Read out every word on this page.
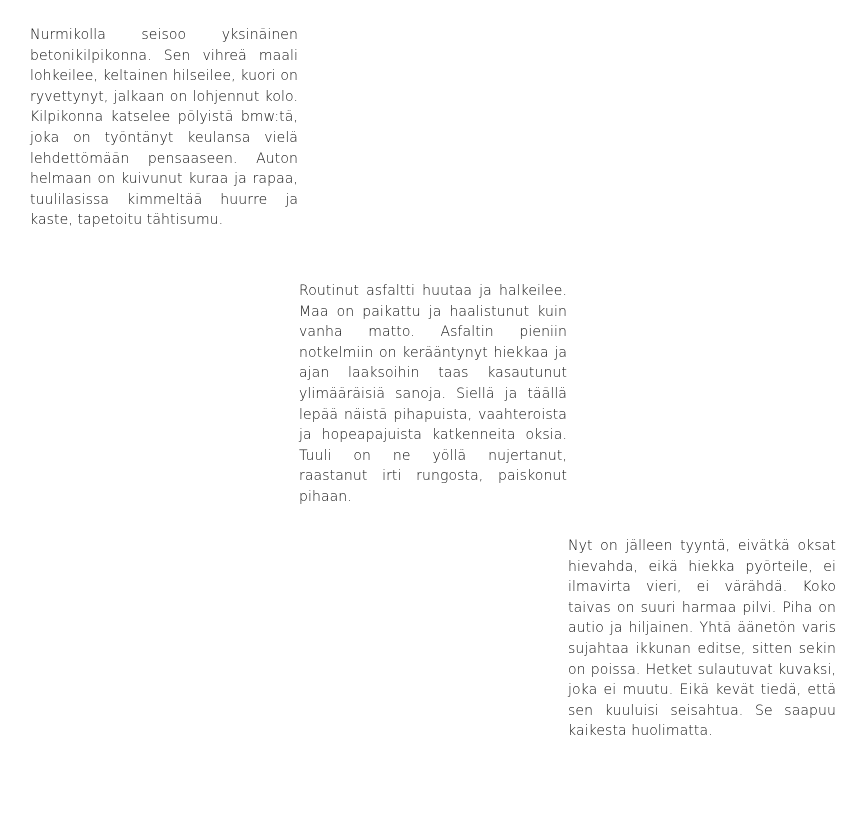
Nurmikolla seisoo yksinäinen betonikilpikonna. Sen vihreä maali lohkeilee, keltainen hilseilee, kuori on ryvettynyt, jalkaan on lohjennut kolo. Kilpikonna katselee pölyistä bmw:tä, joka on työntänyt keulansa vielä lehdettömään pensaaseen. Auton helmaan on kuivunut kuraa ja rapaa, tuulilasissa kimmeltää huurre ja kaste, tapetoitu tähtisumu.

Routinut asfaltti huutaa ja halkeilee. Maa on paikattu ja haalistunut kuin vanha matto. Asfaltin pieniin notkelmiin on kerääntynyt hiekkaa ja ajan laaksoihin taas kasautunut ylimääräisiä sanoja. Siellä ja täällä lepää näistä pihapuista, vaahteroista ja hopeapajuista katkenneita oksia. Tuuli on ne yöllä nujertanut, raastanut irti rungosta, paiskonut pihaan.

Nyt on jälleen tyyntä, eivätkä oksat hievahda, eikä hiekka pyörteile, ei ilmavirta vieri, ei värähdä. Koko taivas on suuri harmaa pilvi. Piha on autio ja hiljainen. Yhtä äänetön varis sujahtaa ikkunan editse, sitten sekin on poissa. Hetket sulautuvat kuvaksi, joka ei muutu. Eikä kevät tiedä, että sen kuuluisi seisahtua. Se saapuu kaikesta huolimatta.
